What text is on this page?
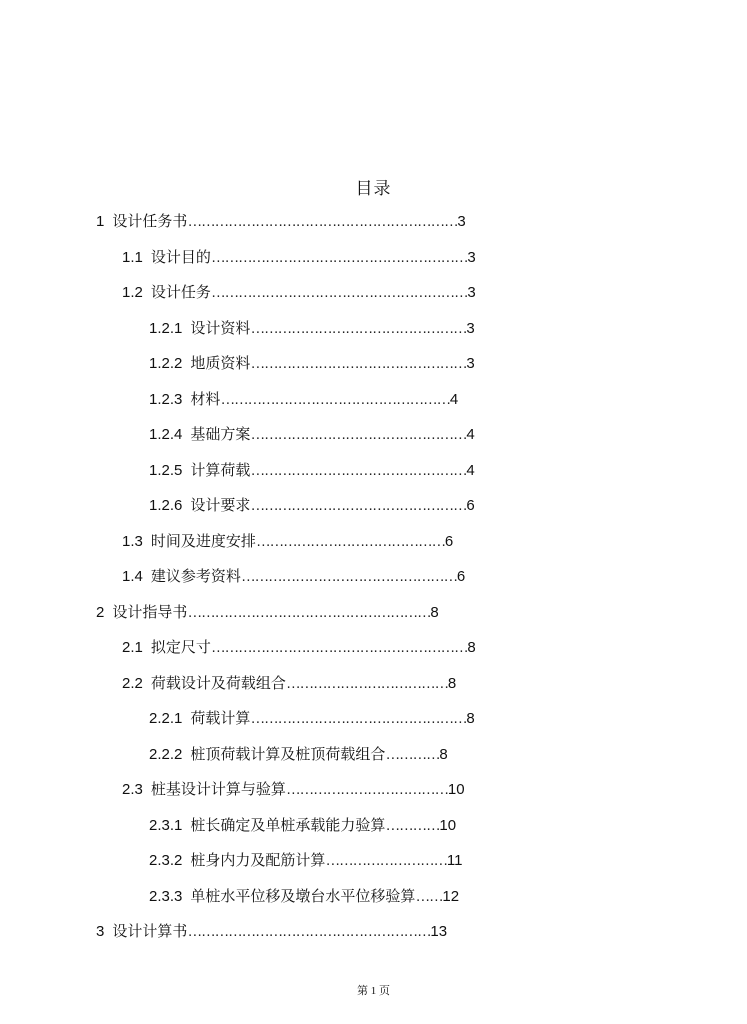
目录
1 设计任务书……………………………………………………3
1.1 设计目的…………………………………………………3
1.2 设计任务…………………………………………………3
1.2.1 设计资料…………………………………………3
1.2.2 地质资料…………………………………………3
1.2.3 材料……………………………………………4
1.2.4 基础方案…………………………………………4
1.2.5 计算荷载…………………………………………4
1.2.6 设计要求…………………………………………6
1.3 时间及进度安排……………………………………6
1.4 建议参考资料…………………………………………6
2 设计指导书………………………………………………8
2.1 拟定尺寸…………………………………………………8
2.2 荷载设计及荷载组合………………………………8
2.2.1 荷载计算…………………………………………8
2.2.2 桩顶荷载计算及桩顶荷载组合…………8
2.3 桩基设计计算与验算………………………………10
2.3.1 桩长确定及单桩承载能力验算…………10
2.3.2 桩身内力及配筋计算………………………11
2.3.3 单桩水平位移及墩台水平位移验算……12
3 设计计算书………………………………………………13
第 1 页
